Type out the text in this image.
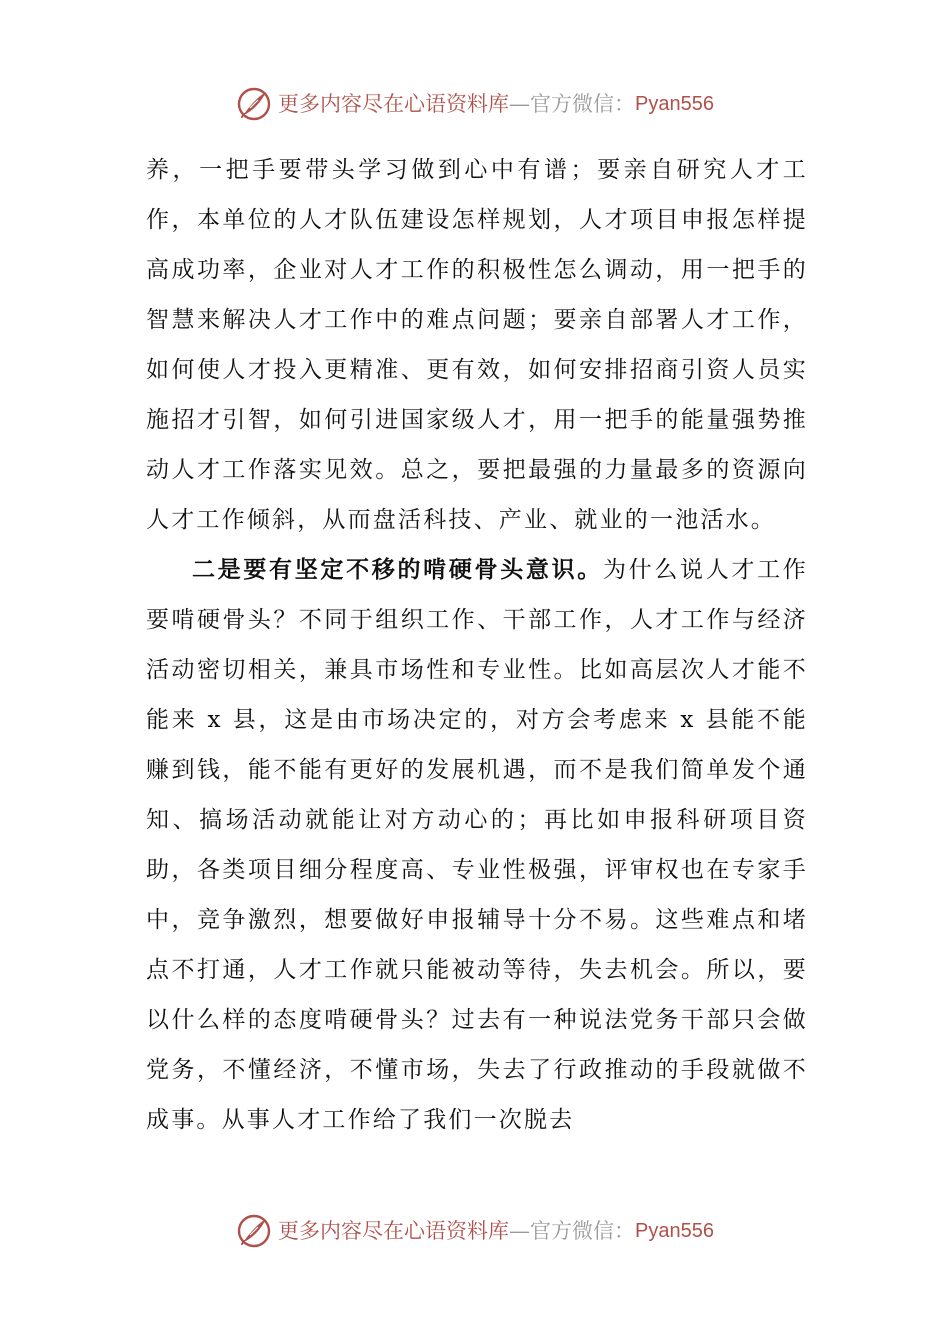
更多内容尽在心语资料库 —官方微信： Pyan556

养，一把手要带头学习做到心中有谱；要亲自研究人才工作，本单位的人才队伍建设怎样规划，人才项目申报怎样提高成功率，企业对人才工作的积极性怎么调动，用一把手的智慧来解决人才工作中的难点问题；要亲自部署人才工作，如何使人才投入更精准、更有效，如何安排招商引资人员实施招才引智，如何引进国家级人才，用一把手的能量强势推动人才工作落实见效。总之，要把最强的力量最多的资源向人才工作倾斜，从而盘活科技、产业、就业的一池活水。

二是要有坚定不移的啃硬骨头意识。为什么说人才工作要啃硬骨头？不同于组织工作、干部工作，人才工作与经济活动密切相关，兼具市场性和专业性。比如高层次人才能不能来 x 县，这是由市场决定的，对方会考虑来 x 县能不能赚到钱，能不能有更好的发展机遇，而不是我们简单发个通知、搞场活动就能让对方动心的；再比如申报科研项目资助，各类项目细分程度高、专业性极强，评审权也在专家手中，竞争激烈，想要做好申报辅导十分不易。这些难点和堵点不打通，人才工作就只能被动等待，失去机会。所以，要以什么样的态度啃硬骨头？过去有一种说法党务干部只会做党务，不懂经济，不懂市场，失去了行政推动的手段就做不成事。从事人才工作给了我们一次脱去

更多内容尽在心语资料库 —官方微信： Pyan556
